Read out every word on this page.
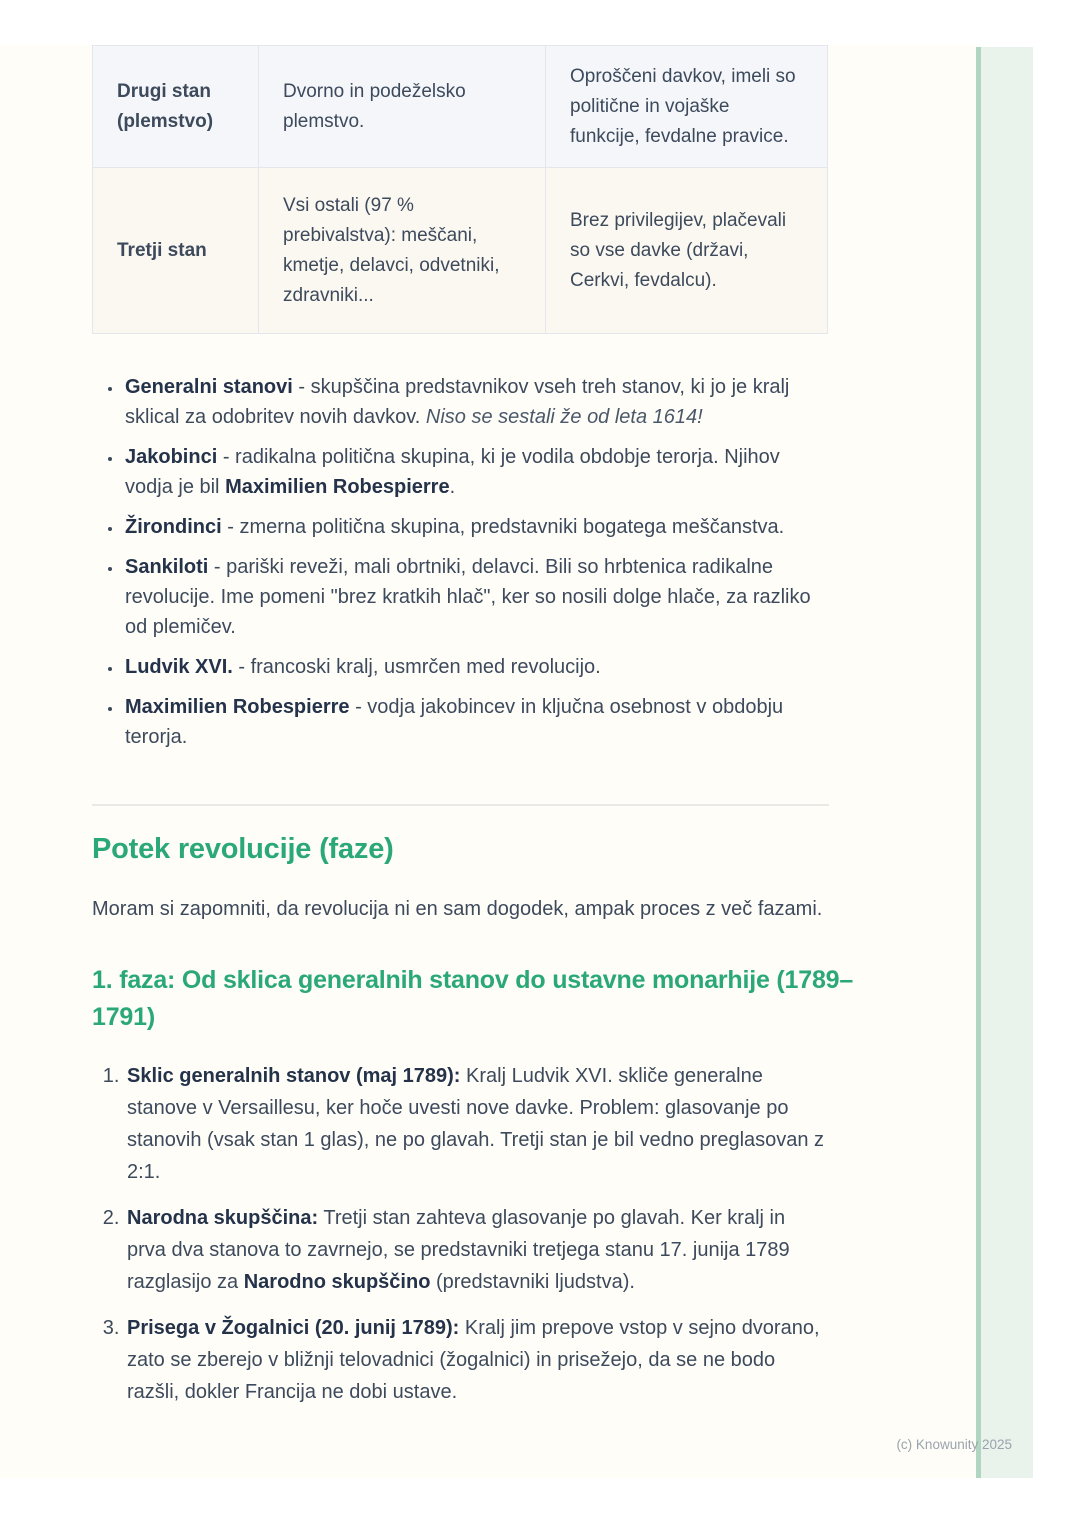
Drugi stan (plemstvo)	Dvorno in podeželsko plemstvo.	Oproščeni davkov, imeli so politične in vojaške funkcije, fevdalne pravice.
Tretji stan	Vsi ostali (97 % prebivalstva): meščani, kmetje, delavci, odvetniki, zdravniki...	Brez privilegijev, plačevali so vse davke (državi, Cerkvi, fevdalcu).
• Generalni stanovi - skupščina predstavnikov vseh treh stanov, ki jo je kralj sklical za odobritev novih davkov. Niso se sestali že od leta 1614!
• Jakobinci - radikalna politična skupina, ki je vodila obdobje terorja. Njihov vodja je bil Maximilien Robespierre.
• Žirondinci - zmerna politična skupina, predstavniki bogatega meščanstva.
• Sankiloti - pariški reveži, mali obrtniki, delavci. Bili so hrbtenica radikalne revolucije. Ime pomeni "brez kratkih hlač", ker so nosili dolge hlače, za razliko od plemičev.
• Ludvik XVI. - francoski kralj, usmrčen med revolucijo.
• Maximilien Robespierre - vodja jakobincev in ključna osebnost v obdobju terorja.
Potek revolucije (faze)

Moram si zapomniti, da revolucija ni en sam dogodek, ampak proces z več fazami.

1. faza: Od sklica generalnih stanov do ustavne monarhije (1789–1791)
1. Sklic generalnih stanov (maj 1789): Kralj Ludvik XVI. skliče generalne stanove v Versaillesu, ker hoče uvesti nove davke. Problem: glasovanje po stanovih (vsak stan 1 glas), ne po glavah. Tretji stan je bil vedno preglasovan z 2:1.
2. Narodna skupščina: Tretji stan zahteva glasovanje po glavah. Ker kralj in prva dva stanova to zavrnejo, se predstavniki tretjega stanu 17. junija 1789 razglasijo za Narodno skupščino (predstavniki ljudstva).
3. Prisega v Žogalnici (20. junij 1789): Kralj jim prepove vstop v sejno dvorano, zato se zberejo v bližnji telovadnici (žogalnici) in prisežejo, da se ne bodo razšli, dokler Francija ne dobi ustave.
(c) Knowunity 2025
